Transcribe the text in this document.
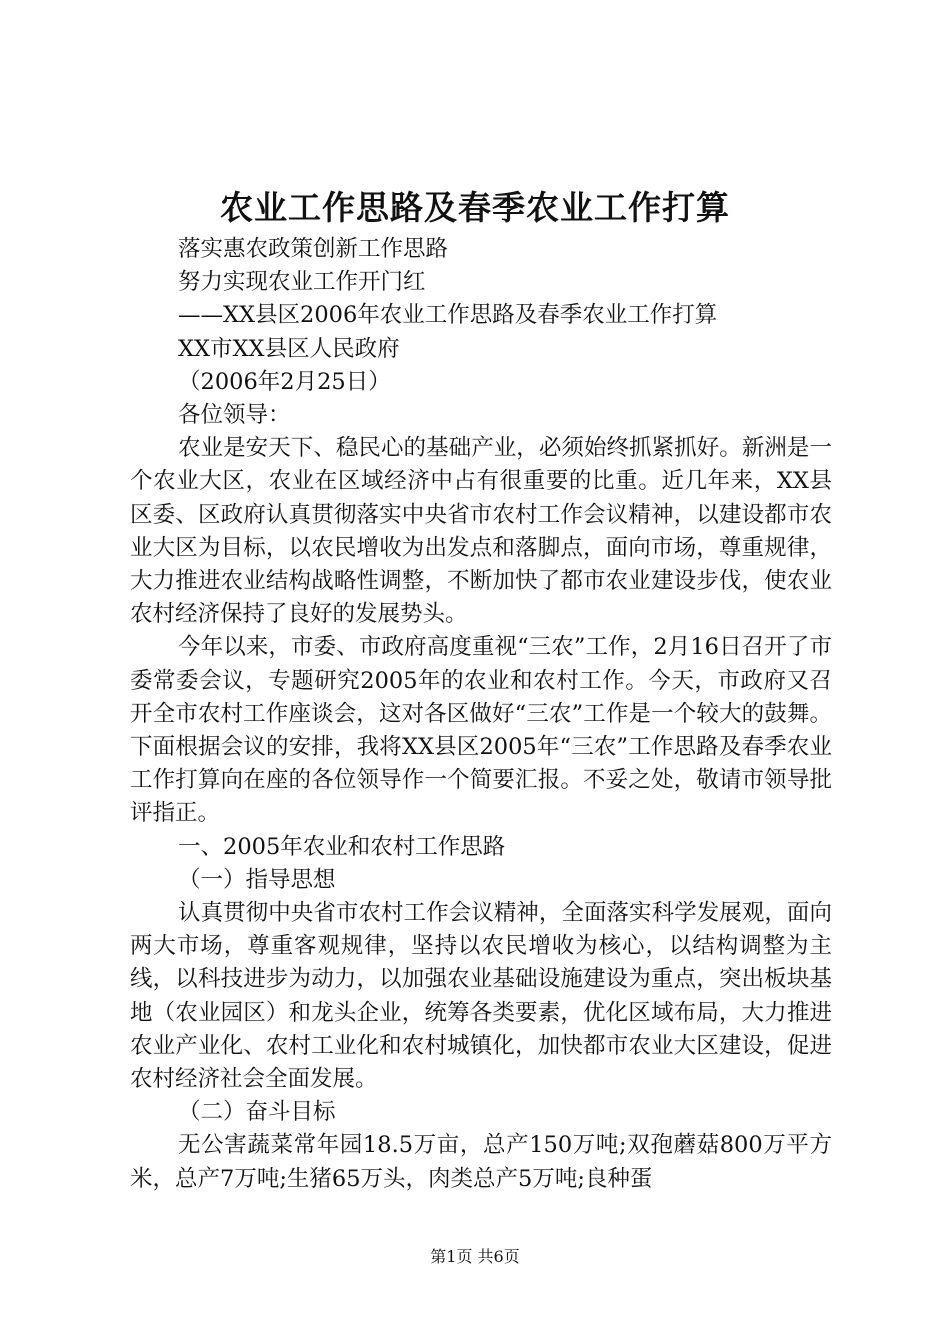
农业工作思路及春季农业工作打算

落实惠农政策创新工作思路

努力实现农业工作开门红

——XX县区2006年农业工作思路及春季农业工作打算

XX市XX县区人民政府

（2006年2月25日）

各位领导：

农业是安天下、稳民心的基础产业，必须始终抓紧抓好。新洲是一个农业大区，农业在区域经济中占有很重要的比重。近几年来，XX县区委、区政府认真贯彻落实中央省市农村工作会议精神，以建设都市农业大区为目标，以农民增收为出发点和落脚点，面向市场，尊重规律，大力推进农业结构战略性调整，不断加快了都市农业建设步伐，使农业农村经济保持了良好的发展势头。

今年以来，市委、市政府高度重视“三农”工作，2月16日召开了市委常委会议，专题研究2005年的农业和农村工作。今天，市政府又召开全市农村工作座谈会，这对各区做好“三农”工作是一个较大的鼓舞。下面根据会议的安排，我将XX县区2005年“三农”工作思路及春季农业工作打算向在座的各位领导作一个简要汇报。不妥之处，敬请市领导批评指正。

一、2005年农业和农村工作思路

（一）指导思想

认真贯彻中央省市农村工作会议精神，全面落实科学发展观，面向两大市场，尊重客观规律，坚持以农民增收为核心，以结构调整为主线，以科技进步为动力，以加强农业基础设施建设为重点，突出板块基地（农业园区）和龙头企业，统筹各类要素，优化区域布局，大力推进农业产业化、农村工业化和农村城镇化，加快都市农业大区建设，促进农村经济社会全面发展。

（二）奋斗目标

无公害蔬菜常年园18.5万亩，总产150万吨;双孢蘑菇800万平方米，总产7万吨;生猪65万头，肉类总产5万吨;良种蛋

第1页 共6页
